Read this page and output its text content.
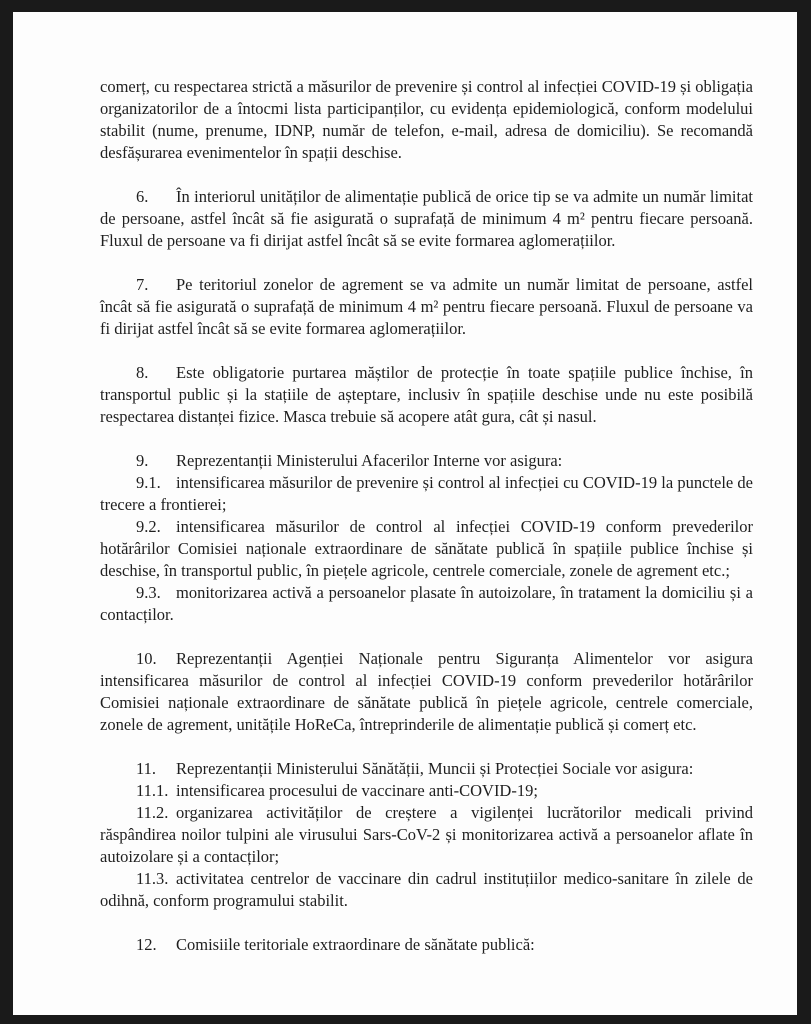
comerț, cu respectarea strictă a măsurilor de prevenire și control al infecției COVID-19 și obligația organizatorilor de a întocmi lista participanților, cu evidența epidemiologică, conform modelului stabilit (nume, prenume, IDNP, număr de telefon, e-mail, adresa de domiciliu). Se recomandă desfășurarea evenimentelor în spații deschise.

6. În interiorul unităților de alimentație publică de orice tip se va admite un număr limitat de persoane, astfel încât să fie asigurată o suprafață de minimum 4 m² pentru fiecare persoană. Fluxul de persoane va fi dirijat astfel încât să se evite formarea aglomerațiilor.

7. Pe teritoriul zonelor de agrement se va admite un număr limitat de persoane, astfel încât să fie asigurată o suprafață de minimum 4 m² pentru fiecare persoană. Fluxul de persoane va fi dirijat astfel încât să se evite formarea aglomerațiilor.

8. Este obligatorie purtarea măștilor de protecție în toate spațiile publice închise, în transportul public și la stațiile de așteptare, inclusiv în spațiile deschise unde nu este posibilă respectarea distanței fizice. Masca trebuie să acopere atât gura, cât și nasul.

9. Reprezentanții Ministerului Afacerilor Interne vor asigura:

9.1. intensificarea măsurilor de prevenire și control al infecției cu COVID-19 la punctele de trecere a frontierei;

9.2. intensificarea măsurilor de control al infecției COVID-19 conform prevederilor hotărârilor Comisiei naționale extraordinare de sănătate publică în spațiile publice închise și deschise, în transportul public, în piețele agricole, centrele comerciale, zonele de agrement etc.;

9.3. monitorizarea activă a persoanelor plasate în autoizolare, în tratament la domiciliu și a contacților.

10. Reprezentanții Agenției Naționale pentru Siguranța Alimentelor vor asigura intensificarea măsurilor de control al infecției COVID-19 conform prevederilor hotărârilor Comisiei naționale extraordinare de sănătate publică în piețele agricole, centrele comerciale, zonele de agrement, unitățile HoReCa, întreprinderile de alimentație publică și comerț etc.

11. Reprezentanții Ministerului Sănătății, Muncii și Protecției Sociale vor asigura:

11.1. intensificarea procesului de vaccinare anti-COVID-19;

11.2. organizarea activităților de creștere a vigilenței lucrătorilor medicali privind răspândirea noilor tulpini ale virusului Sars-CoV-2 și monitorizarea activă a persoanelor aflate în autoizolare și a contacților;

11.3. activitatea centrelor de vaccinare din cadrul instituțiilor medico-sanitare în zilele de odihnă, conform programului stabilit.

12. Comisiile teritoriale extraordinare de sănătate publică:
